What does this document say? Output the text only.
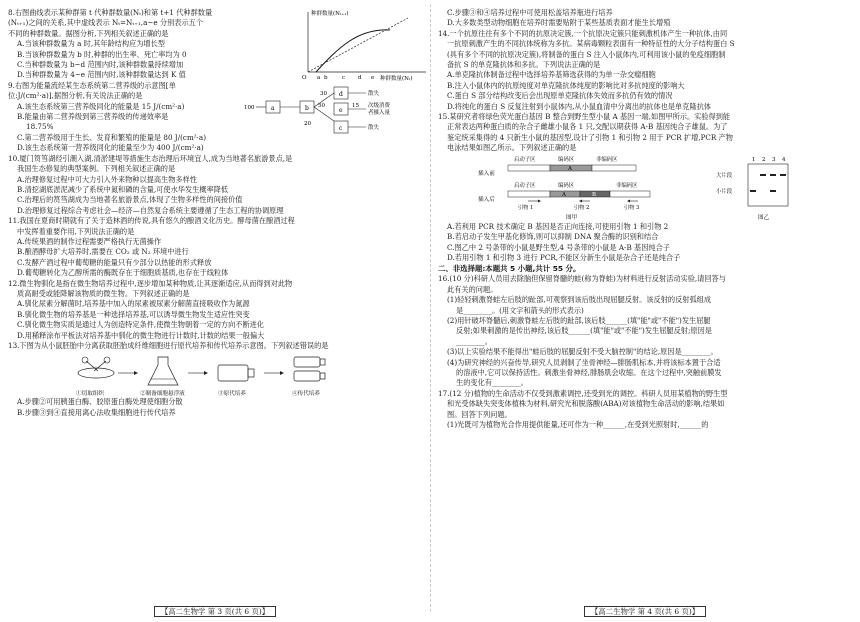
8.右图曲线表示某种群第 t 代种群数量(Nₜ)和第 t+1 代种群数量

(Nₜ₊₁)之间的关系,其中虚线表示 Nₜ=Nₜ₊₁,a~e 分别表示五个

不同的种群数量。据图分析,下列相关叙述正确的是

A.当该种群数量为 a 时,其年龄结构应为增长型

B.当该种群数量为 b 时,种群的出生率、死亡率均为 0

C.当种群数量为 b~d 范围内时,该种群数量持续增加

D.当种群数量为 4~e 范围内时,该种群数量达到 K 值

种群数量(Nₜ₊₁)
种群数量(Nₜ)
O a b	c d e

9.右图为能量流经某生态系统第二营养级的示意图[单

位:J/(cm²·a)],据图分析,有关说法正确的是

A.该生态系统第三营养级同化的能量是 15 J/(cm²·a)

B.能量由第二营养级到第三营养级的传递效率是

18.75%

100	a	b
30
50
20
d
e
c
15
散失
次级消费
者摄入量
散失

C.第二营养级用于生长、发育和繁殖的能量是 80 J/(cm²·a)

D.该生态系统第一营养级同化的能量至少为 400 J/(cm²·a)

10.厦门筼筜湖经引潮入湖,清淤建堤等措施生态治理后环境宜人,成为当地著名旅游景点,是

我国生态修复的典型案例。下列相关叙述正确的是

A.治理修复过程中可大力引入外来物种以提高生物多样性

B.清挖湖底淤泥减少了系统中氮和磷的含量,可使水华发生概率降低

C.治理后的筼筜湖成为当地著名旅游景点,体现了生物多样性的间接价值

D.治理修复过程综合考虑社会—经济—自然复合系统主要遵循了生态工程的协调原理

11.我国在夏商时期就有了关于造林酒的传说,具有悠久的酿酒文化历史。酵母菌在酿酒过程

中发挥着重要作用,下列说法正确的是

A.传统果酒的制作过程需要严格执行无菌操作

B.酿酒酵母扩大培养时,需要在 CO₂ 或 N₂ 环境中进行

C.发酵产酒过程中葡萄糖的能量只有少部分以热能的形式释放

D.葡萄糖转化为乙醇所需的酶既存在于细胞质基质,也存在于线粒体

12.微生物驯化是指在微生物培养过程中,逐步增加某种物质,让其逐渐适应,从而得到对此物

质高耐受或能降解该物质的微生物。下列叙述正确的是

A.驯化尿素分解菌时,培养基中加入的尿素被尿素分解菌直接吸收作为氮源

B.驯化微生物的培养基是一种选择培养基,可以诱导微生物发生适应性突变

C.驯化微生物实质是通过人为创造特定条件,使微生物朝着一定的方向不断进化

D.用稀释涂布平板法对培养基中驯化的微生物进行计数时,计数的结果一般偏大

13.下图为从小鼠胚胎中分离获取胚胎成纤维细胞进行原代培养和传代培养示意图。下列叙述错误的是

①切取组织	②制备细胞悬浮液	③原代培养	④传代培养

A.步骤②可用胰蛋白酶、胶原蛋白酶处理使细胞分散

B.步骤③到④直接用离心法收集细胞进行传代培养

【高二生物学 第 3 页(共 6 页)】

C.步骤③和④培养过程中可使用松盖培养瓶进行培养

D.大多数类型动物细胞在培养时需要贴附于某些基质表面才能生长增殖

14.一个抗原往往有多个不同的抗原决定簇,一个抗原决定簇只能刺激机体产生一种抗体,由同

一抗原刺激产生的不同抗体统称为多抗。某病毒颗粒表面有一种特征性的大分子结构蛋白 S

(具有多个不同的抗原决定簇),将制备的蛋白 S 注入小鼠体内,可利用该小鼠的免疫细胞制

备抗 S 的单克隆抗体和多抗。下列说法正确的是

A.单克隆抗体制备过程中选择培养基筛选获得的为单一杂交瘤细胞

B.注入小鼠体内的抗原纯度对单克隆抗体纯度的影响比对多抗纯度的影响大

C.蛋白 S 部分结构改变后会出现原单克隆抗体失效而多抗仍有效的情况

D.将纯化的蛋白 S 反复注射到小鼠体内,从小鼠血清中分离出的抗体也是单克隆抗体

15.某研究者将绿色荧光蛋白基因 B 整合到野生型小鼠 A 基因一端,如图甲所示。实验得到能

正常表达两种蛋白质的杂合子雌雄小鼠各 1 只,交配以期获得 A-B 基因纯合子雄鼠。为了

鉴定统采集得的 4 只新生小鼠的基因型,设计了引物 1 和引物 2 用于 PCR 扩增,PCR 产物

电泳结果如图乙所示。下列叙述正确的是

插入前
启动子区	编码区	非编码区
A
插入后
启动子区	编码区	非编码区
A	B
引物 1	引物 2	引物 3
图甲
1 2 3 4
大片段
小片段
图乙

A.若利用 PCR 技术确定 B 基因是否正向连接,可使用引物 1 和引物 2

B.若启动子发生甲基化修饰,则可以抑制 DNA 聚合酶的识别和结合

C.图乙中 2 号条带的小鼠是野生型,4 号条带的小鼠是 A-B 基因纯合子

D.若用引物 1 和引物 3 进行 PCR,不能区分新生小鼠是杂合子还是纯合子

二、非选择题:本题共 5 小题,共计 55 分。

16.(10 分)科研人员用去除脑但保留脊髓的蛙(称为脊蛙)为材料进行反射活动实验,请回答与

此有关的问题。

(1)轻轻刺激脊蛙左后肢的趾部,可观察到该后肢出现屈腿反射。该反射的反射弧组成

是________。(用文字和箭头的形式表示)

(2)用针破坏脊髓后,刺激脊蛙左后肢的趾部,该后肢______(填"能"或"不能")发生屈腿

反射;如果刺激的是传出神经,该后肢______(填"能"或"不能")发生屈腿反射;原因是

________。

(3)以上实验结果不能得出"蛙后肢的屈腿反射不受大脑控制"的结论,原因是________。

(4)为研究神经的兴奋传导,研究人员剥制了坐骨神经—腓肠肌标本,并将该标本置于合适

的溶液中,它可以保持活性。刺激坐骨神经,腓肠肌会收缩。在这个过程中,突触前膜发

生的变化有________。

17.(12 分)植物的生命活动不仅受到激素调控,还受到光的调控。科研人员用某植物的野生型

和光受体缺失突变体植株为材料,研究光和脱落酸(ABA)对该植物生命活动的影响,结果如

图。回答下列问题。

(1)光既可为植物光合作用提供能量,还可作为一种______,在受到光照射时,______的

【高二生物学 第 4 页(共 6 页)】
